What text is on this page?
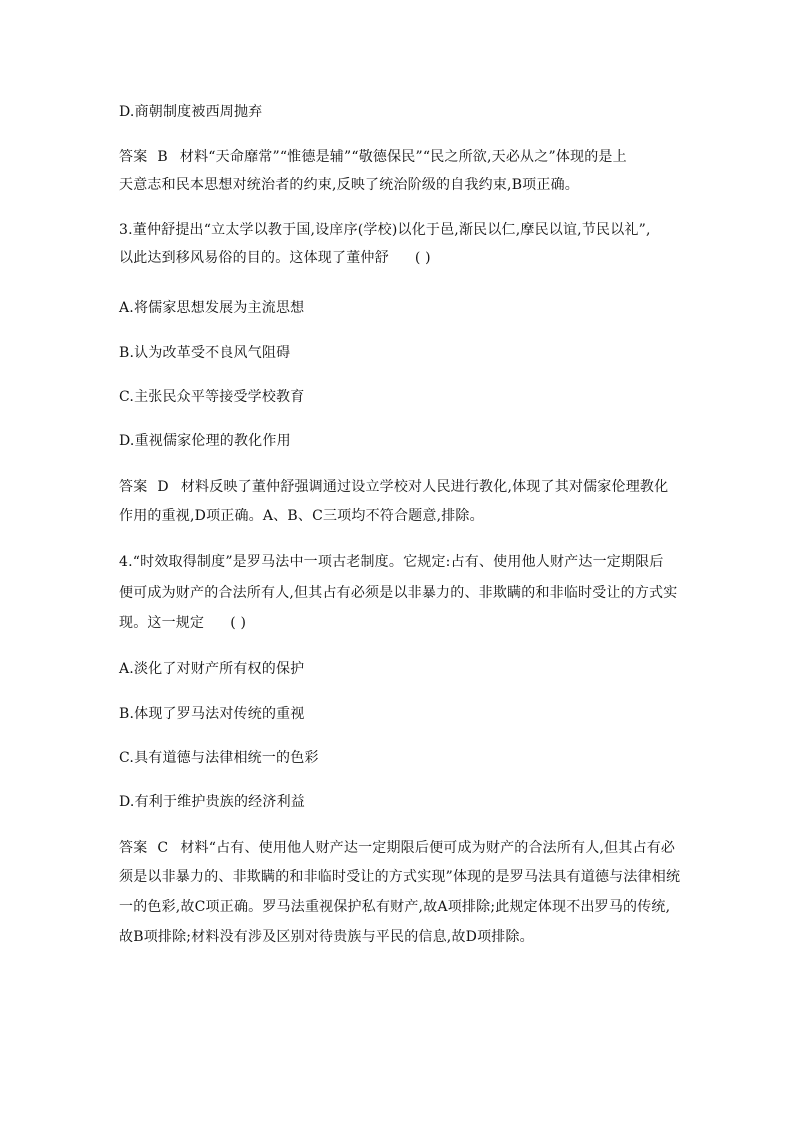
D.商朝制度被西周抛弃
答案 B 材料“天命靡常”“惟德是辅”“敬德保民”“民之所欲,天必从之”体现的是上
天意志和民本思想对统治者的约束,反映了统治阶级的自我约束,B项正确。
3.董仲舒提出“立太学以教于国,设庠序(学校)以化于邑,渐民以仁,摩民以谊,节民以礼”,
以此达到移风易俗的目的。这体现了董仲舒 ( )
A.将儒家思想发展为主流思想
B.认为改革受不良风气阻碍
C.主张民众平等接受学校教育
D.重视儒家伦理的教化作用
答案 D 材料反映了董仲舒强调通过设立学校对人民进行教化,体现了其对儒家伦理教化
作用的重视,D项正确。A、B、C三项均不符合题意,排除。
4.“时效取得制度”是罗马法中一项古老制度。它规定:占有、使用他人财产达一定期限后
便可成为财产的合法所有人,但其占有必须是以非暴力的、非欺瞒的和非临时受让的方式实
现。这一规定 ( )
A.淡化了对财产所有权的保护
B.体现了罗马法对传统的重视
C.具有道德与法律相统一的色彩
D.有利于维护贵族的经济利益
答案 C 材料“占有、使用他人财产达一定期限后便可成为财产的合法所有人,但其占有必
须是以非暴力的、非欺瞒的和非临时受让的方式实现”体现的是罗马法具有道德与法律相统
一的色彩,故C项正确。罗马法重视保护私有财产,故A项排除;此规定体现不出罗马的传统,
故B项排除;材料没有涉及区别对待贵族与平民的信息,故D项排除。
